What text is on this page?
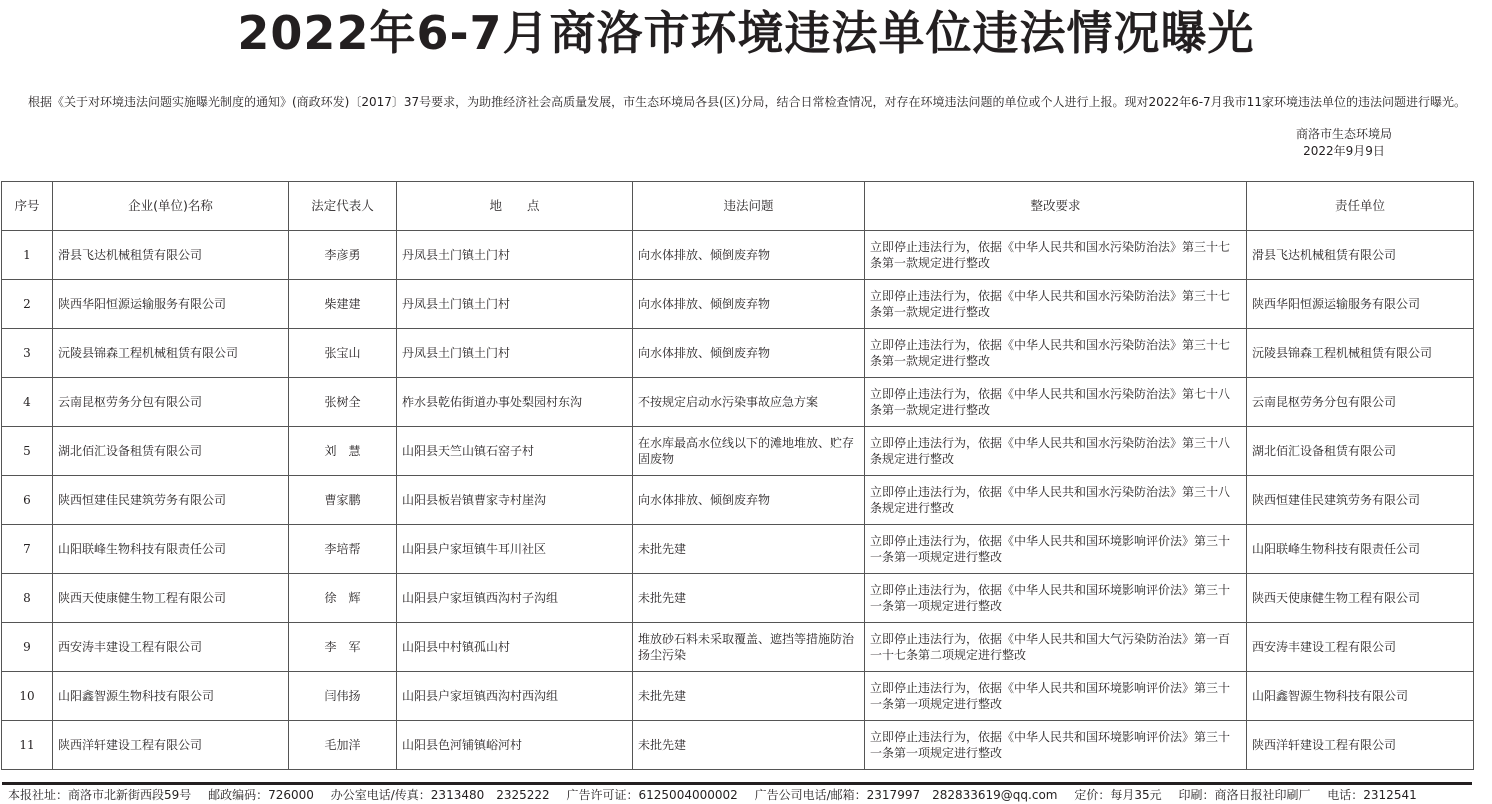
2022年6-7月商洛市环境违法单位违法情况曝光
根据《关于对环境违法问题实施曝光制度的通知》(商政环发)〔2017〕37号要求，为助推经济社会高质量发展，市生态环境局各县(区)分局，结合日常检查情况，对存在环境违法问题的单位或个人进行上报。现对2022年6-7月我市11家环境违法单位的违法问题进行曝光。
商洛市生态环境局
2022年9月9日
序号	企业(单位)名称	法定代表人	地　　点	违法问题	整改要求	责任单位
1	滑县飞达机械租赁有限公司	李彦勇	丹凤县土门镇土门村	向水体排放、倾倒废弃物	立即停止违法行为，依据《中华人民共和国水污染防治法》第三十七条第一款规定进行整改	滑县飞达机械租赁有限公司
2	陕西华阳恒源运输服务有限公司	柴建建	丹凤县土门镇土门村	向水体排放、倾倒废弃物	立即停止违法行为，依据《中华人民共和国水污染防治法》第三十七条第一款规定进行整改	陕西华阳恒源运输服务有限公司
3	沅陵县锦森工程机械租赁有限公司	张宝山	丹凤县土门镇土门村	向水体排放、倾倒废弃物	立即停止违法行为，依据《中华人民共和国水污染防治法》第三十七条第一款规定进行整改	沅陵县锦森工程机械租赁有限公司
4	云南昆枢劳务分包有限公司	张树全	柞水县乾佑街道办事处梨园村东沟	不按规定启动水污染事故应急方案	立即停止违法行为，依据《中华人民共和国水污染防治法》第七十八条第一款规定进行整改	云南昆枢劳务分包有限公司
5	湖北佰汇设备租赁有限公司	刘　慧	山阳县天竺山镇石窑子村	在水库最高水位线以下的滩地堆放、贮存固废物	立即停止违法行为，依据《中华人民共和国水污染防治法》第三十八条规定进行整改	湖北佰汇设备租赁有限公司
6	陕西恒建佳民建筑劳务有限公司	曹家鹏	山阳县板岩镇曹家寺村崖沟	向水体排放、倾倒废弃物	立即停止违法行为，依据《中华人民共和国水污染防治法》第三十八条规定进行整改	陕西恒建佳民建筑劳务有限公司
7	山阳联峰生物科技有限责任公司	李培帮	山阳县户家垣镇牛耳川社区	未批先建	立即停止违法行为，依据《中华人民共和国环境影响评价法》第三十一条第一项规定进行整改	山阳联峰生物科技有限责任公司
8	陕西天使康健生物工程有限公司	徐　辉	山阳县户家垣镇西沟村子沟组	未批先建	立即停止违法行为，依据《中华人民共和国环境影响评价法》第三十一条第一项规定进行整改	陕西天使康健生物工程有限公司
9	西安涛丰建设工程有限公司	李　军	山阳县中村镇孤山村	堆放砂石料未采取覆盖、遮挡等措施防治扬尘污染	立即停止违法行为，依据《中华人民共和国大气污染防治法》第一百一十七条第二项规定进行整改	西安涛丰建设工程有限公司
10	山阳鑫智源生物科技有限公司	闫伟扬	山阳县户家垣镇西沟村西沟组	未批先建	立即停止违法行为，依据《中华人民共和国环境影响评价法》第三十一条第一项规定进行整改	山阳鑫智源生物科技有限公司
11	陕西洋轩建设工程有限公司	毛加洋	山阳县色河铺镇峪河村	未批先建	立即停止违法行为，依据《中华人民共和国环境影响评价法》第三十一条第一项规定进行整改	陕西洋轩建设工程有限公司
本报社址：商洛市北新街西段59号 邮政编码：726000 办公室电话/传真：2313480　2325222 广告许可证：6125004000002 广告公司电话/邮箱：2317997　282833619@qq.com 定价：每月35元 印刷：商洛日报社印刷厂 电话：2312541
